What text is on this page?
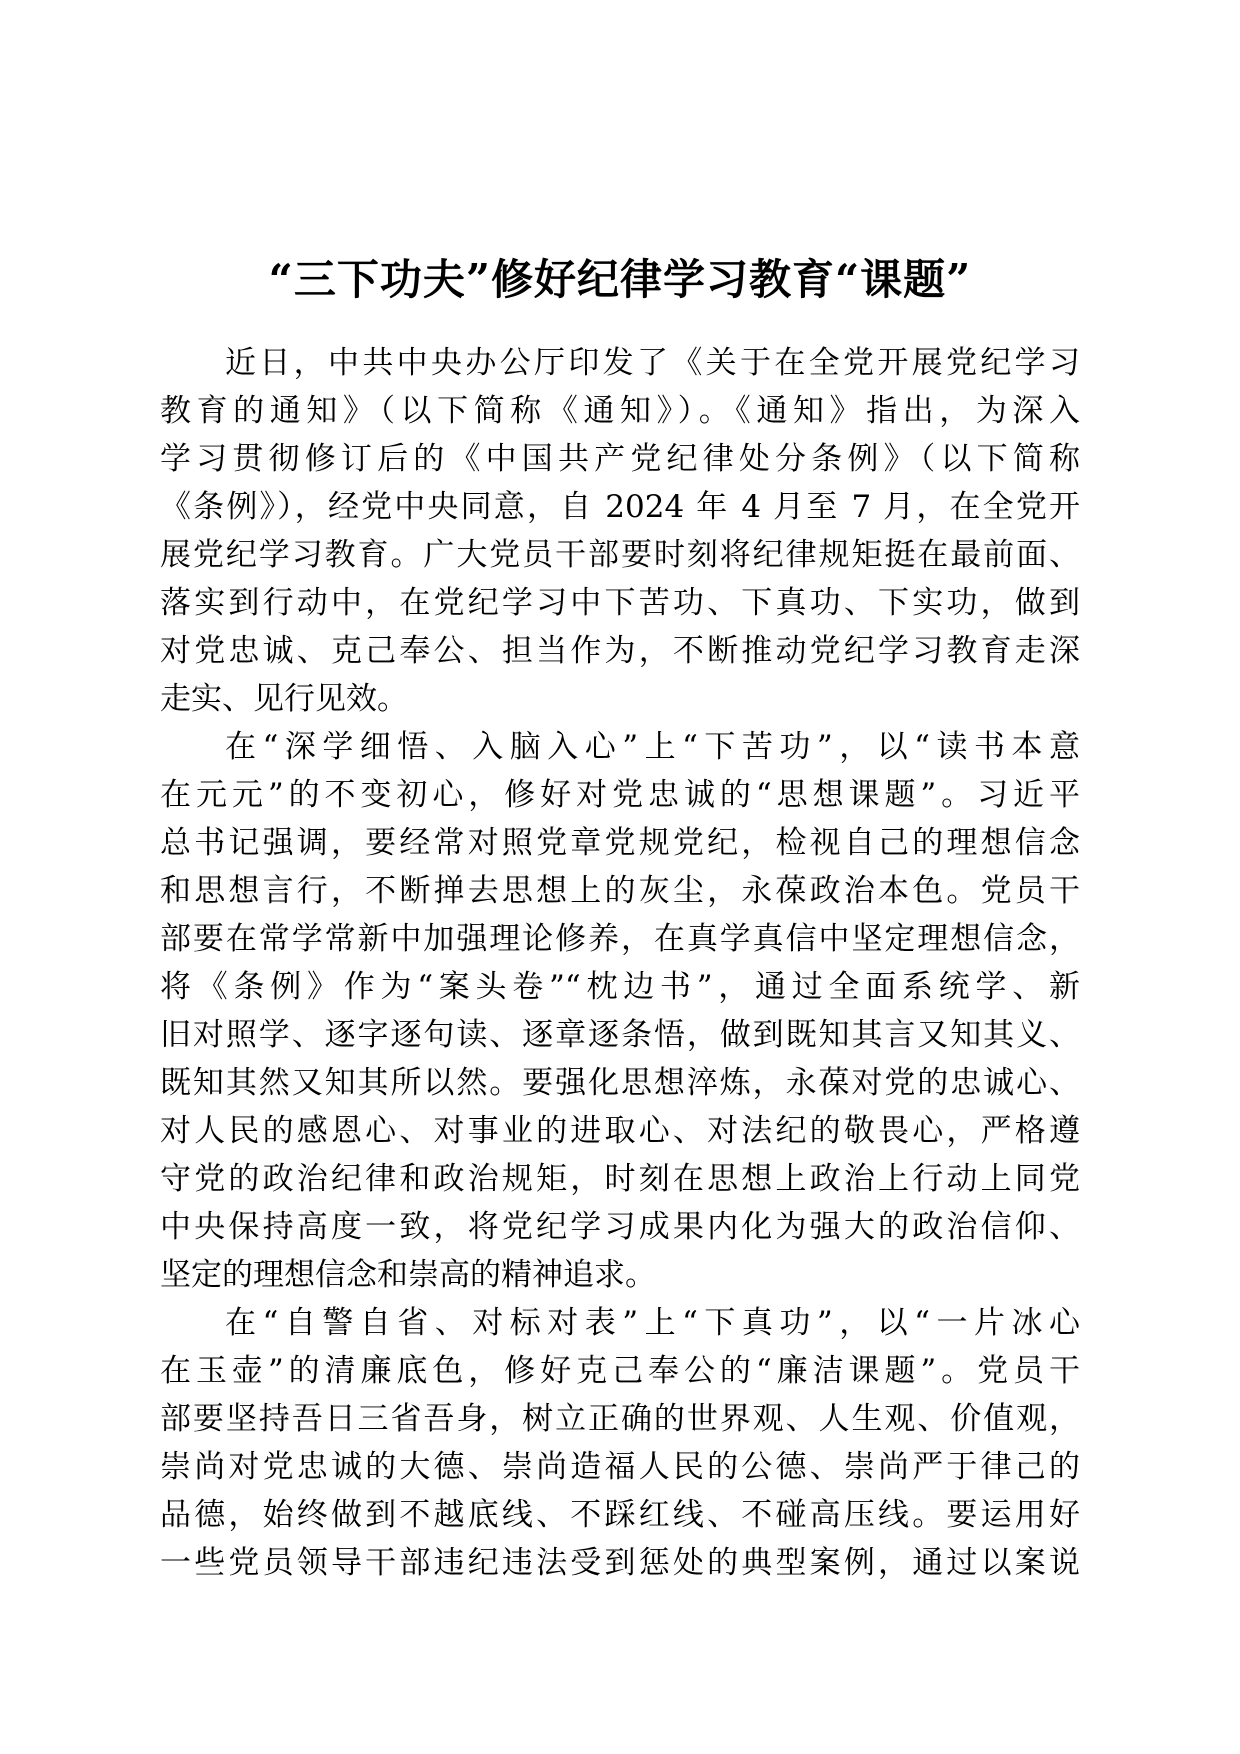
“三下功夫”修好纪律学习教育“课题”

近日，中共中央办公厅印发了《关于在全党开展党纪学习

教育的通知》（以下简称《通知》）。《通知》指出，为深入

学习贯彻修订后的《中国共产党纪律处分条例》（以下简称

《条例》），经党中央同意，自 2024 年 4 月至 7 月，在全党开

展党纪学习教育。广大党员干部要时刻将纪律规矩挺在最前面、

落实到行动中，在党纪学习中下苦功、下真功、下实功，做到

对党忠诚、克己奉公、担当作为，不断推动党纪学习教育走深

走实、见行见效。

在“深学细悟、入脑入心”上“下苦功”，以“读书本意

在元元”的不变初心，修好对党忠诚的“思想课题”。习近平

总书记强调，要经常对照党章党规党纪，检视自己的理想信念

和思想言行，不断掸去思想上的灰尘，永葆政治本色。党员干

部要在常学常新中加强理论修养，在真学真信中坚定理想信念，

将《条例》作为“案头卷”“枕边书”，通过全面系统学、新

旧对照学、逐字逐句读、逐章逐条悟，做到既知其言又知其义、

既知其然又知其所以然。要强化思想淬炼，永葆对党的忠诚心、

对人民的感恩心、对事业的进取心、对法纪的敬畏心，严格遵

守党的政治纪律和政治规矩，时刻在思想上政治上行动上同党

中央保持高度一致，将党纪学习成果内化为强大的政治信仰、

坚定的理想信念和崇高的精神追求。

在“自警自省、对标对表”上“下真功”，以“一片冰心

在玉壶”的清廉底色，修好克己奉公的“廉洁课题”。党员干

部要坚持吾日三省吾身，树立正确的世界观、人生观、价值观，

崇尚对党忠诚的大德、崇尚造福人民的公德、崇尚严于律己的

品德，始终做到不越底线、不踩红线、不碰高压线。要运用好

一些党员领导干部违纪违法受到惩处的典型案例，通过以案说
